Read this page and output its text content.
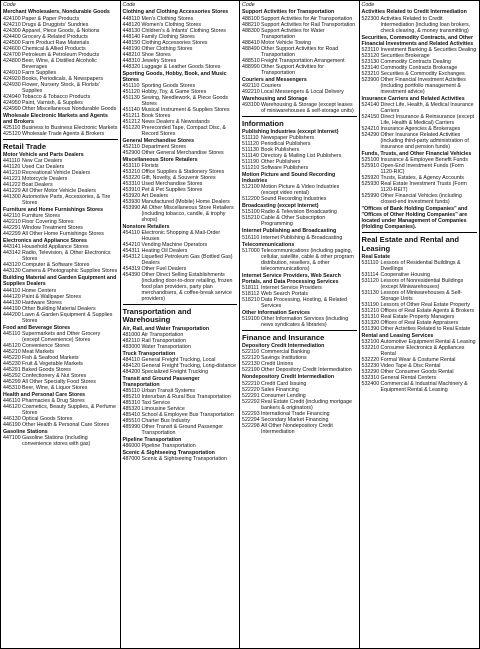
Code
Merchant Wholesalers, Nondurable Goods
424100 Paper & Paper Products
424210 Drugs & Druggists' Sundries
424300 Apparel, Piece Goods, & Notions
424400 Grocery & Related Products
424500 Farm Product Raw Materials
424600 Chemical & Allied Products
424700 Petroleum & Petroleum Products
424800 Beer, Wine, & Distilled Alcoholic Beverages
424910 Farm Supplies
424920 Books, Periodicals, & Newspapers
424930 Flower, Nursery Stock, & Florists' Supplies
424940 Tobacco & Tobacco Products
424950 Paint, Varnish, & Supplies
424990 Other Miscellaneous Nondurable Goods
Wholesale Electronic Markets and Agents and Brokers
425110 Business to Business Electronic Markets
425120 Wholesale Trade Agents & Brokers
Retail Trade
Motor Vehicle and Parts Dealers
441110 New Car Dealers
441120 Used Car Dealers
441210 Recreational Vehicle Dealers
441221 Motorcycle Dealers
441222 Boat Dealers
441229 All Other Motor Vehicle Dealers
441300 Automotive Parts, Accessories, & Tire Stores
Furniture and Home Furnishings Stores
442110 Furniture Stores
442210 Floor Covering Stores
442291 Window Treatment Stores
442299 All Other Home Furnishings Stores
Electronics and Appliance Stores
443141 Household Appliance Stores
443142 Radio, Television, & Other Electronics Stores
443120 Computer & Software Stores
443130 Camera & Photographic Supplies Stores
Building Material and Garden Equipment and Supplies Dealers
444110 Home Centers
444120 Paint & Wallpaper Stores
444130 Hardware Stores
444190 Other Building Material Dealers
444200 Lawn & Garden Equipment & Supplies Stores
Food and Beverage Stores
445110 Supermarkets and Other Grocery (except Convenience) Stores
445120 Convenience Stores
445210 Meat Markets
445220 Fish & Seafood Markets
445230 Fruit & Vegetable Markets
445291 Baked Goods Stores
445292 Confectionery & Nut Stores
445299 All Other Specialty Food Stores
445310 Beer, Wine, & Liquor Stores
Health and Personal Care Stores
446110 Pharmacies & Drug Stores
446120 Cosmetics, Beauty Supplies, & Perfume Stores
446130 Optical Goods Stores
446190 Other Health & Personal Care Stores
Gasoline Stations
447100 Gasoline Stations (including convenience stores with gas)
Code
Clothing and Clothing Accessories Stores
448110 Men's Clothing Stores
448120 Women's Clothing Stores
448130 Children's & Infants' Clothing Stores
448140 Family Clothing Stores
448150 Clothing Accessories Stores
448190 Other Clothing Stores
448210 Shoe Stores
448310 Jewelry Stores
448320 Luggage & Leather Goods Stores
Sporting Goods, Hobby, Book, and Music Stores
451110 Sporting Goods Stores
451120 Hobby, Toy, & Game Stores
451130 Sewing, Needlework, & Piece Goods Stores
451140 Musical Instrument & Supplies Stores
451211 Book Stores
451212 News Dealers & Newsstands
451220 Prerecorded Tape, Compact Disc, & Record Stores
General Merchandise Stores
452110 Department Stores
452900 Other General Merchandise Stores
Miscellaneous Store Retailers
453110 Florists
453210 Office Supplies & Stationery Stores
453220 Gift, Novelty, & Souvenir Stores
453310 Used Merchandise Stores
453910 Pet & Pet Supplies Stores
453920 Art Dealers
453930 Manufactured (Mobile) Home Dealers
453990 All Other Miscellaneous Store Retailers (including tobacco, candle, & trophy shops)
Nonstore Retailers
454110 Electronic Shopping & Mail-Order Houses
454210 Vending Machine Operators
454311 Heating Oil Dealers
454312 Liquefied Petroleum Gas (Bottled Gas) Dealers
454319 Other Fuel Dealers
454390 Other Direct Selling Establishments (including door-to-door retailing, frozen food plan providers, party plan merchandisers, & coffee-break service providers)
Transportation and Warehousing
Air, Rail, and Water Transportation
481000 Air Transportation
482110 Rail Transportation
483000 Water Transportation
Truck Transportation
484110 General Freight Trucking, Local
484120 General Freight Trucking, Long-distance
484200 Specialized Freight Trucking
Transit and Ground Passenger Transportation
485110 Urban Transit Systems
485210 Interurban & Rural Bus Transportation
485310 Taxi Service
485320 Limousine Service
485410 School & Employee Bus Transportation
485510 Charter Bus Industry
485990 Other Transit & Ground Passenger Transportation
Pipeline Transportation
486000 Pipeline Transportation
Scenic & Sightseeing Transportation
487000 Scenic & Sightseeing Transportation
Code
Support Activities for Transportation
488100 Support Activities for Air Transportation
488210 Support Activities for Rail Transportation
488300 Support Activities for Water Transportation
488410 Motor Vehicle Towing
488490 Other Support Activities for Road Transportation
488510 Freight Transportation Arrangement
488990 Other Support Activities for Transportation
Couriers and Messengers
492110 Couriers
492210 Local Messengers & Local Delivery
Warehousing and Storage
493100 Warehousing & Storage (except leases of miniwarehouses & self-storage units)
Information
Publishing Industries (except Internet)
511110 Newspaper Publishers
511120 Periodical Publishers
511130 Book Publishers
511140 Directory & Mailing List Publishers
511190 Other Publishers
511210 Software Publishers
Motion Picture and Sound Recording Industries
512100 Motion Picture & Video Industries (except video rental)
512200 Sound Recording Industries
Broadcasting (except Internet)
515100 Radio & Television Broadcasting
515210 Cable & Other Subscription Programming
Internet Publishing and Broadcasting
516110 Internet Publishing & Broadcasting
Telecommunications
517000 Telecommunications (including paging, cellular, satellite, cable & other program distribution, resellers, & other telecommunications)
Internet Service Providers, Web Search Portals, and Data Processing Services
518111 Internet Service Providers
518112 Web Search Portals
518210 Data Processing, Hosting, & Related Services
Other Information Services
519100 Other Information Services (including news syndicates & libraries)
Finance and Insurance
Depository Credit Intermediation
522110 Commercial Banking
522120 Savings Institutions
522130 Credit Unions
522190 Other Depository Credit Intermediation
Nondepository Credit Intermediation
522210 Credit Card Issuing
522220 Sales Financing
522291 Consumer Lending
522292 Real Estate Credit (including mortgage bankers & originators)
522293 International Trade Financing
522294 Secondary Market Financing
522298 All Other Nondepository Credit Intermediation
Code
Activities Related to Credit Intermediation
522300 Activities Related to Credit Intermediation (including loan brokers, check clearing, & money transmitting)
Securities, Commodity Contracts, and Other Financial Investments and Related Activities
523110 Investment Banking & Securities Dealing
523120 Securities Brokerage
523130 Commodity Contracts Dealing
523140 Commodity Contracts Brokerage
523210 Securities & Commodity Exchanges
523900 Other Financial Investment Activities (including portfolio management & investment advice)
Insurance Carriers and Related Activities
524140 Direct Life, Health, & Medical Insurance Carriers
524150 Direct Insurance & Reinsurance (except Life, Health & Medical) Carriers
524210 Insurance Agencies & Brokerages
524290 Other Insurance Related Activities (including third-party administration of insurance and pension funds)
Funds, Trusts, and Other Financial Vehicles
525100 Insurance & Employee Benefit Funds
525910 Open-End Investment Funds (Form 1120-RIC)
525920 Trusts, Estates, & Agency Accounts
525930 Real Estate Investment Trusts (Form 1120-REIT)
525990 Other Financial Vehicles (including closed-end investment funds)
"Offices of Bank Holding Companies" and "Offices of Other Holding Companies" are located under Management of Companies (Holding Companies).
Real Estate and Rental and Leasing
Real Estate
531110 Lessors of Residential Buildings & Dwellings
531114 Cooperative Housing
531120 Lessors of Nonresidential Buildings (except Miniwarehouses)
531130 Lessors of Miniwarehouses & Self-Storage Units
531190 Lessors of Other Real Estate Property
531210 Offices of Real Estate Agents & Brokers
531310 Real Estate Property Managers
531320 Offices of Real Estate Appraisers
531390 Other Activities Related to Real Estate
Rental and Leasing Services
532100 Automotive Equipment Rental & Leasing
532210 Consumer Electronics & Appliances Rental
532220 Formal Wear & Costume Rental
532230 Video Tape & Disc Rental
532290 Other Consumer Goods Rental
532310 General Rental Centers
532400 Commercial & Industrial Machinery & Equipment Rental & Leasing
